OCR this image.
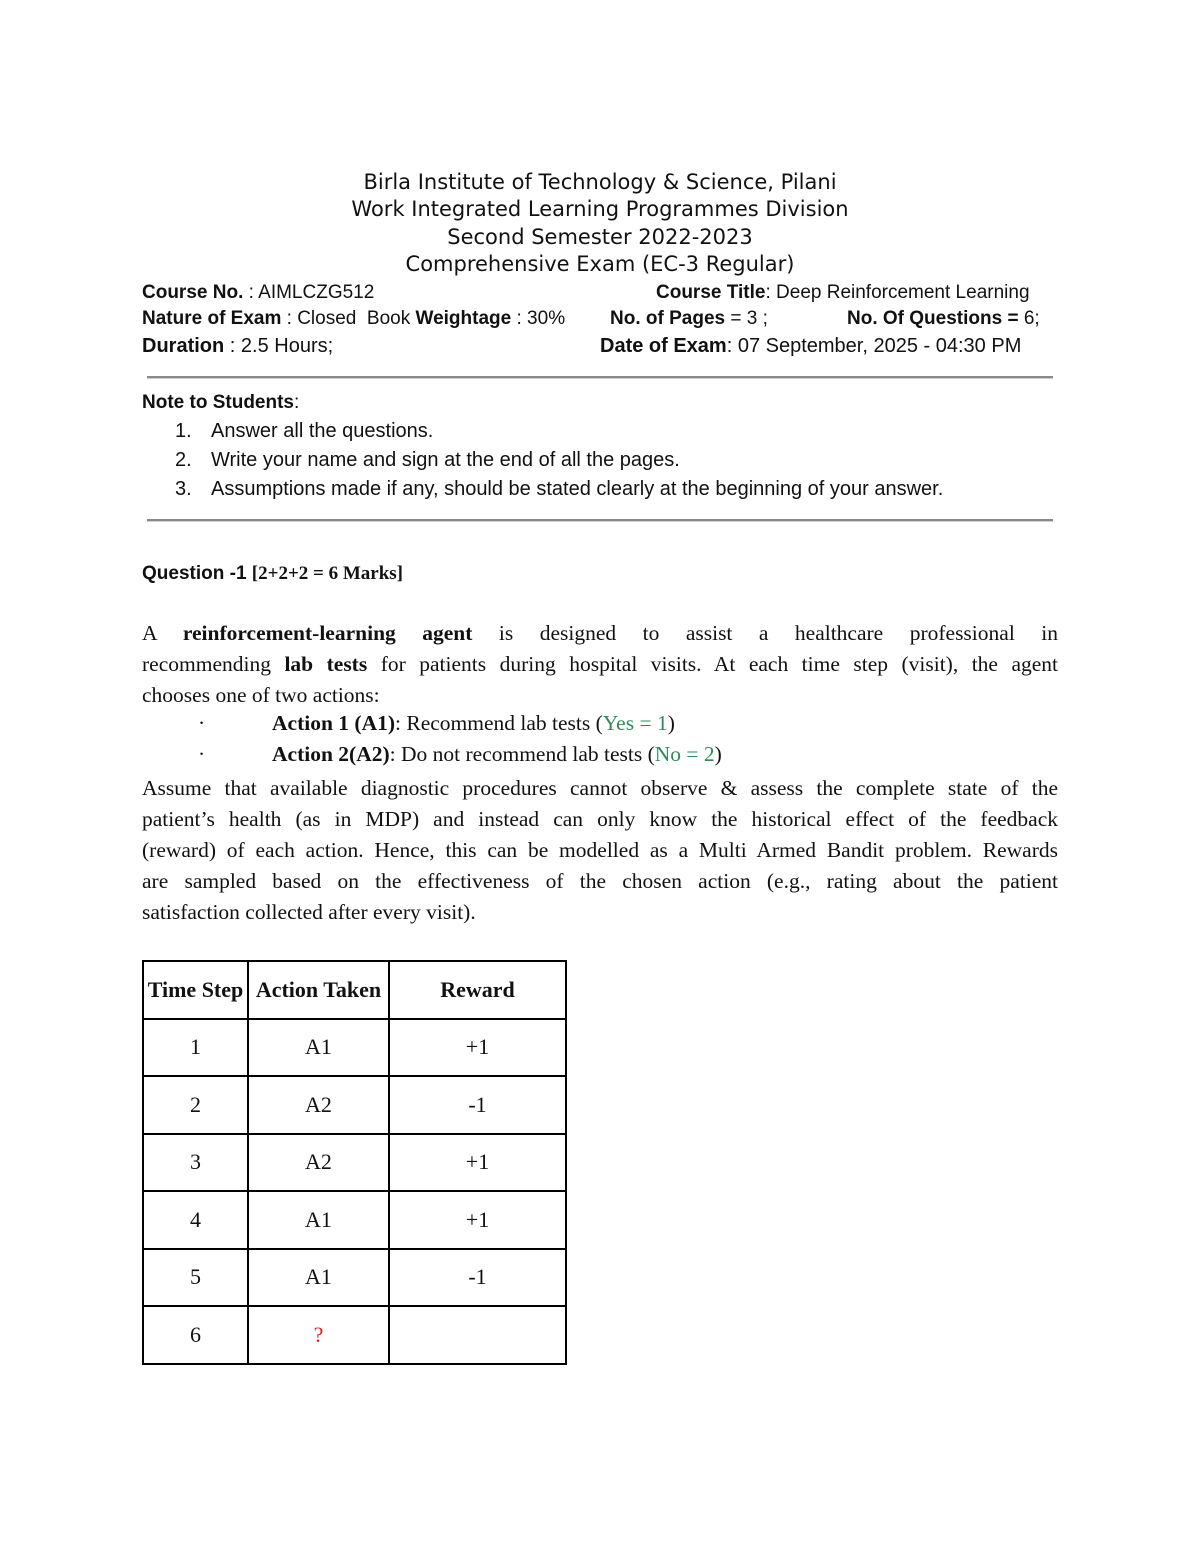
Birla Institute of Technology & Science, Pilani
Work Integrated Learning Programmes Division
Second Semester 2022-2023
Comprehensive Exam (EC-3 Regular)
Course No. : AIMLCZG512	Course Title: Deep Reinforcement Learning
Nature of Exam : Closed  Book Weightage : 30% No. of Pages = 3 ;	No. Of Questions = 6;
Duration : 2.5 Hours;	Date of Exam: 07 September, 2025 - 04:30 PM
Note to Students:
1. Answer all the questions.
2. Write your name and sign at the end of all the pages.
3. Assumptions made if any, should be stated clearly at the beginning of your answer.
Question -1 [2+2+2 = 6 Marks]
A reinforcement-learning agent is designed to assist a healthcare professional in
recommending lab tests for patients during hospital visits. At each time step (visit), the agent
chooses one of two actions:
·	Action 1 (A1): Recommend lab tests (Yes = 1)
·	Action 2(A2): Do not recommend lab tests (No = 2)
Assume that available diagnostic procedures cannot observe & assess the complete state of the
patient’s health (as in MDP) and instead can only know the historical effect of the feedback
(reward) of each action. Hence, this can be modelled as a Multi Armed Bandit problem. Rewards
are sampled based on the effectiveness of the chosen action (e.g., rating about the patient
satisfaction collected after every visit).
Time Step	Action Taken	Reward
1	A1	+1
2	A2	-1
3	A2	+1
4	A1	+1
5	A1	-1
6	?	
